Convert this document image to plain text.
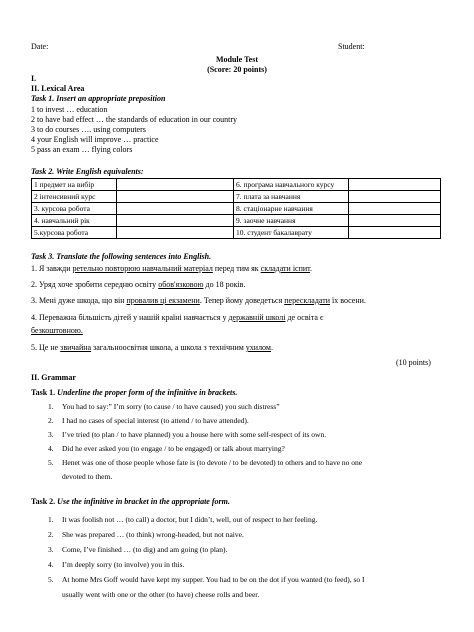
Date:	Student:
Module Test
(Score: 20 points)
I.
II. Lexical Area
Task 1. Insert an appropriate preposition
1 to invest … education
2 to have bad effect … the standards of education in our country
3 to do courses …. using computers
4 your English will improve … practice
5 pass an exam … flying colors
Task 2. Write English equivalents:
1 предмет на вибір		6. програма навчального курсу	
2 інтенсивний курс		7. плата за навчання	
3. курсова робота		8. стаціонарне навчання	
4. навчальний рік		9. заочне навчання	
5.курсова робота		10. студент бакалаврату	
Task 3. Translate the following sentences into English.
1. Я завжди ретельно повторюю навчальний матеріал перед тим як складати іспит.
2. Уряд хоче зробити середню освіту обов'язковою до 18 років.
3. Мені дуже шкода, що він провалив ці екзамени. Тепер йому доведеться перескладати їх восени.
4. Переважна більшість дітей у нашій країні навчається у державній школі де освіта є
безкоштовною.
5. Це не звичайна загальноосвітня школа, а школа з технічним ухилом.
(10 points)
II. Grammar
Task 1. Underline the proper form of the infinitive in brackets.
1. You had to say:” I’m sorry (to cause / to have caused) you such distress”
2. I had no cases of special interest (to attend / to have attended).
3. I’ve tried (to plan / to have planned) you a house here with some self-respect of its own.
4. Did he ever asked you (to engage / to be engaged) or talk about marrying?
5. Henet was one of those people whose fate is (to devote / to be devoted) to others and to have no one
devoted to them.
Task 2. Use the infinitive in bracket in the appropriate form.
1. It was foolish not … (to call) a doctor, but I didn’t, well, out of respect to her feeling.
2. She was prepared … (to think) wrong-headed, but not naive.
3. Come, I’ve finished … (to dig) and am going (to plan).
4. I’m deeply sorry (to involve) you in this.
5. At home Mrs Goff would have kept my supper. You had to be on the dot if you wanted (to feed), so I
usually went with one or the other (to have) cheese rolls and beer.
